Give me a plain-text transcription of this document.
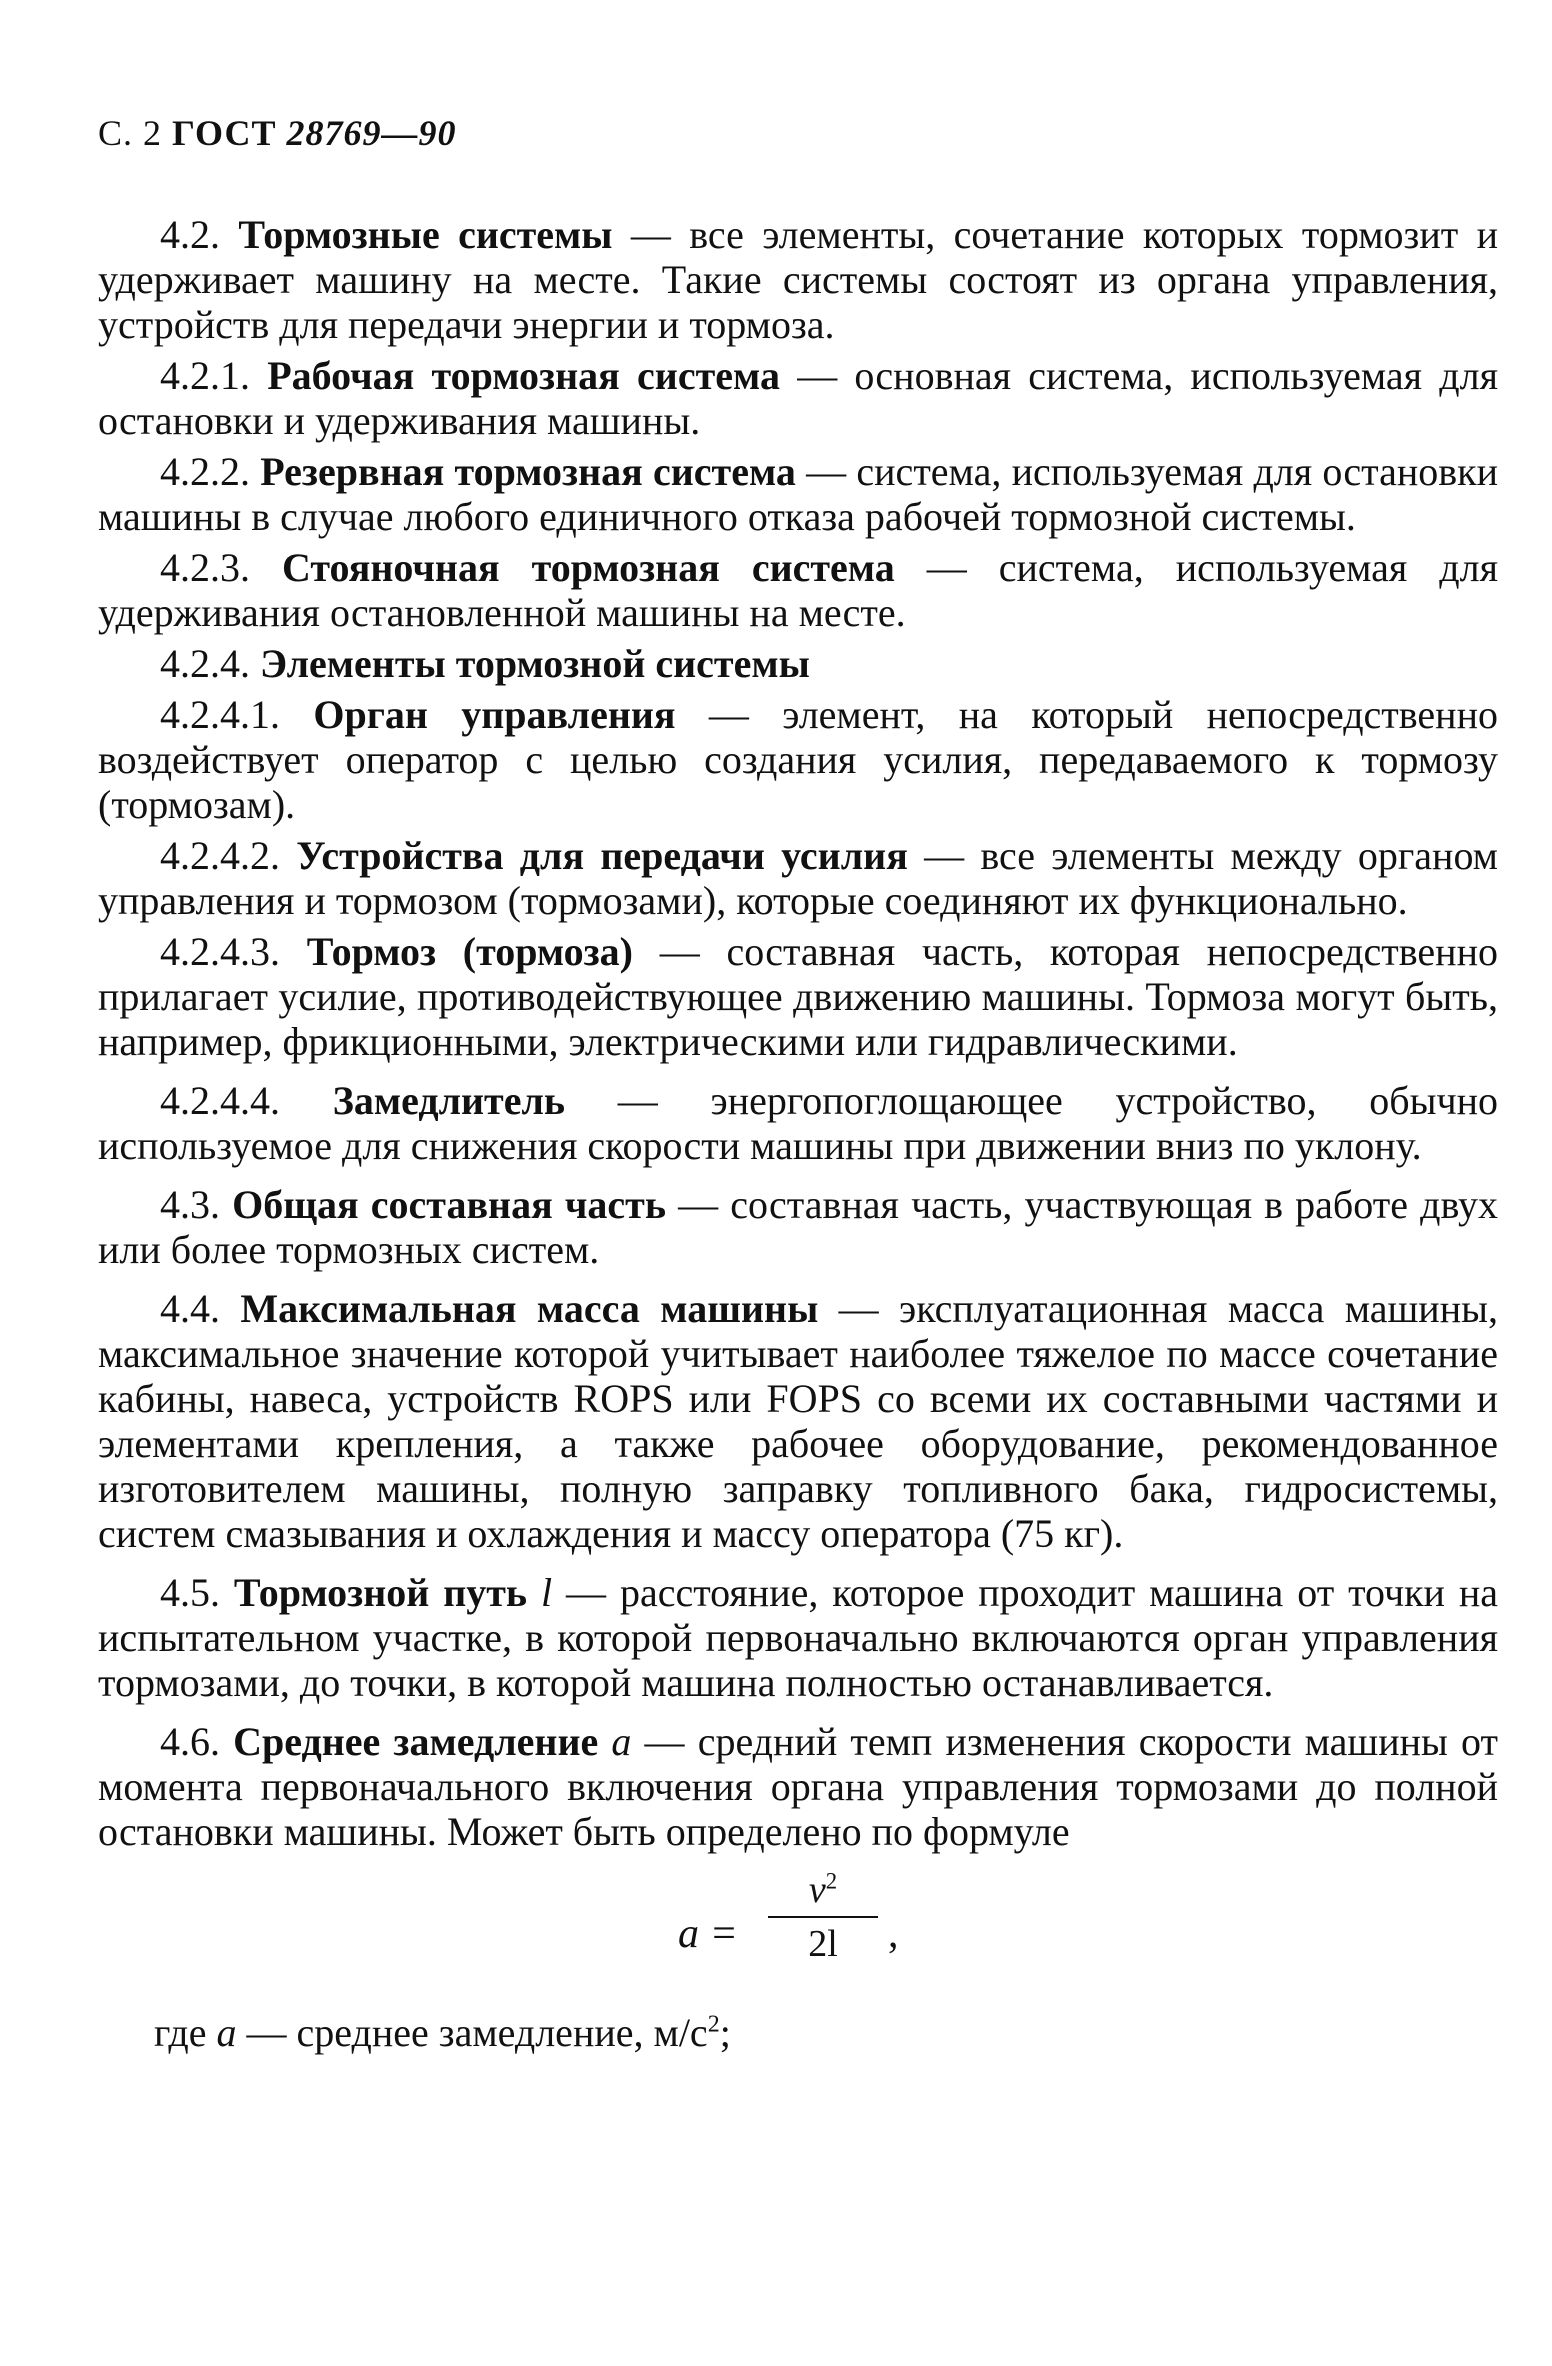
С. 2 ГОСТ 28769—90

4.2. Тормозные системы — все элементы, сочетание которых тормозит и удерживает машину на месте. Такие системы состоят из органа управления, устройств для передачи энергии и тормоза.

4.2.1. Рабочая тормозная система — основная система, используемая для остановки и удерживания машины.

4.2.2. Резервная тормозная система — система, используемая для остановки машины в случае любого единичного отказа рабочей тормозной системы.

4.2.3. Стояночная тормозная система — система, используемая для удерживания остановленной машины на месте.

4.2.4. Элементы тормозной системы

4.2.4.1. Орган управления — элемент, на который непосредственно воздействует оператор с целью создания усилия, передаваемого к тормозу (тормозам).

4.2.4.2. Устройства для передачи усилия — все элементы между органом управления и тормозом (тормозами), которые соединяют их функционально.

4.2.4.3. Тормоз (тормоза) — составная часть, которая непосредственно прилагает усилие, противодействующее движению машины. Тормоза могут быть, например, фрикционными, электрическими или гидравлическими.

4.2.4.4. Замедлитель — энергопоглощающее устройство, обычно используемое для снижения скорости машины при движении вниз по уклону.

4.3. Общая составная часть — составная часть, участвующая в работе двух или более тормозных систем.

4.4. Максимальная масса машины — эксплуатационная масса машины, максимальное значение которой учитывает наиболее тяжелое по массе сочетание кабины, навеса, устройств ROPS или FOPS со всеми их составными частями и элементами крепления, а также рабочее оборудование, рекомендованное изготовителем машины, полную заправку топливного бака, гидросистемы, систем смазывания и охлаждения и массу оператора (75 кг).

4.5. Тормозной путь l — расстояние, которое проходит машина от точки на испытательном участке, в которой первоначально включаются орган управления тормозами, до точки, в которой машина полностью останавливается.

4.6. Среднее замедление a — средний темп изменения скорости машины от момента первоначального включения органа управления тормозами до полной остановки машины. Может быть определено по формуле

a =
$v^2$
2l	,

где a — среднее замедление, $м/с^2$;
